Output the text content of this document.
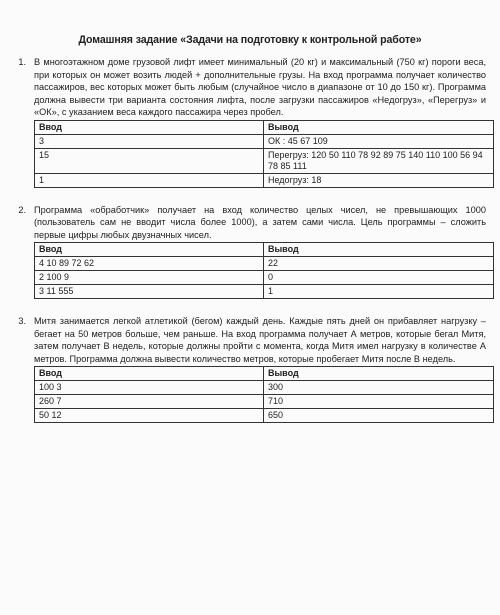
Домашняя задание «Задачи на подготовку к контрольной работе»
1. В многоэтажном доме грузовой лифт имеет минимальный (20 кг) и максимальный (750 кг) пороги веса, при которых он может возить людей + дополнительные грузы. На вход программа получает количество пассажиров, вес которых может быть любым (случайное число в диапазоне от 10 до 150 кг). Программа должна вывести три варианта состояния лифта, после загрузки пассажиров «Недогруз», «Перегруз» и «ОК», с указанием веса каждого пассажира через пробел.

Ввод	Вывод
3	ОК : 45 67 109
15	Перегруз: 120 50 110 78 92 89 75 140 110 100 56 94 78 85 111
1	Недогруз: 18
2. Программа «обработчик» получает на вход количество целых чисел, не превышающих 1000 (пользователь сам не вводит числа более 1000), а затем сами числа. Цель программы – сложить первые цифры любых двузначных чисел.

Ввод	Вывод
4 10 89 72 62	22
2 100 9	0
3 11 555	1
3. Митя занимается легкой атлетикой (бегом) каждый день. Каждые пять дней он прибавляет нагрузку – бегает на 50 метров больше, чем раньше. На вход программа получает А метров, которые бегал Митя, затем получает В недель, которые должны пройти с момента, когда Митя имел нагрузку в количестве А метров. Программа должна вывести количество метров, которые пробегает Митя после В недель.

Ввод	Вывод
100 3	300
260 7	710
50 12	650
